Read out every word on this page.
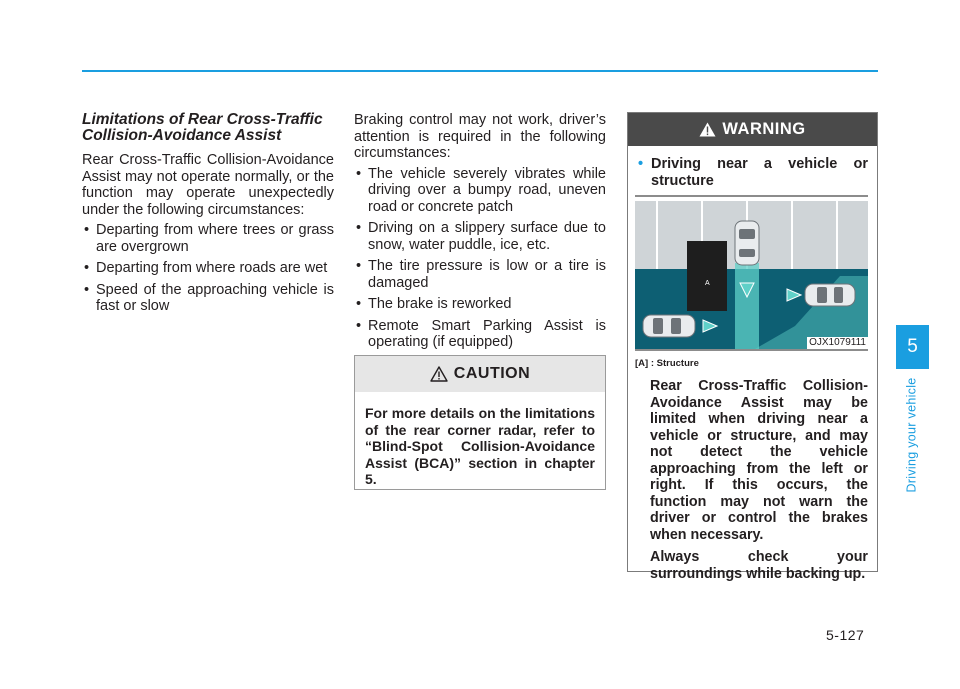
Limitations of Rear Cross-Traffic Collision-Avoidance Assist

Rear Cross-Traffic Collision-Avoidance Assist may not operate normally, or the function may operate unexpectedly under the following circumstances:

• Departing from where trees or grass are overgrown
• Departing from where roads are wet
• Speed of the approaching vehicle is fast or slow

Braking control may not work, driver’s attention is required in the following circumstances:

• The vehicle severely vibrates while driving over a bumpy road, uneven road or concrete patch
• Driving on a slippery surface due to snow, water puddle, ice, etc.
• The tire pressure is low or a tire is damaged
• The brake is reworked
• Remote Smart Parking Assist is operating (if equipped)
CAUTION
For more details on the limitations of the rear corner radar, refer to “Blind-Spot Collision-Avoidance Assist (BCA)” section in chapter 5.
WARNING
• Driving near a vehicle or structure
A
OJX1079111
[A] : Structure

Rear Cross-Traffic Collision-Avoidance Assist may be limited when driving near a vehicle or structure, and may not detect the vehicle approaching from the left or right. If this occurs, the function may not warn the driver or control the brakes when necessary.

Always check your surroundings while backing up.

5
Driving your vehicle
5-127
